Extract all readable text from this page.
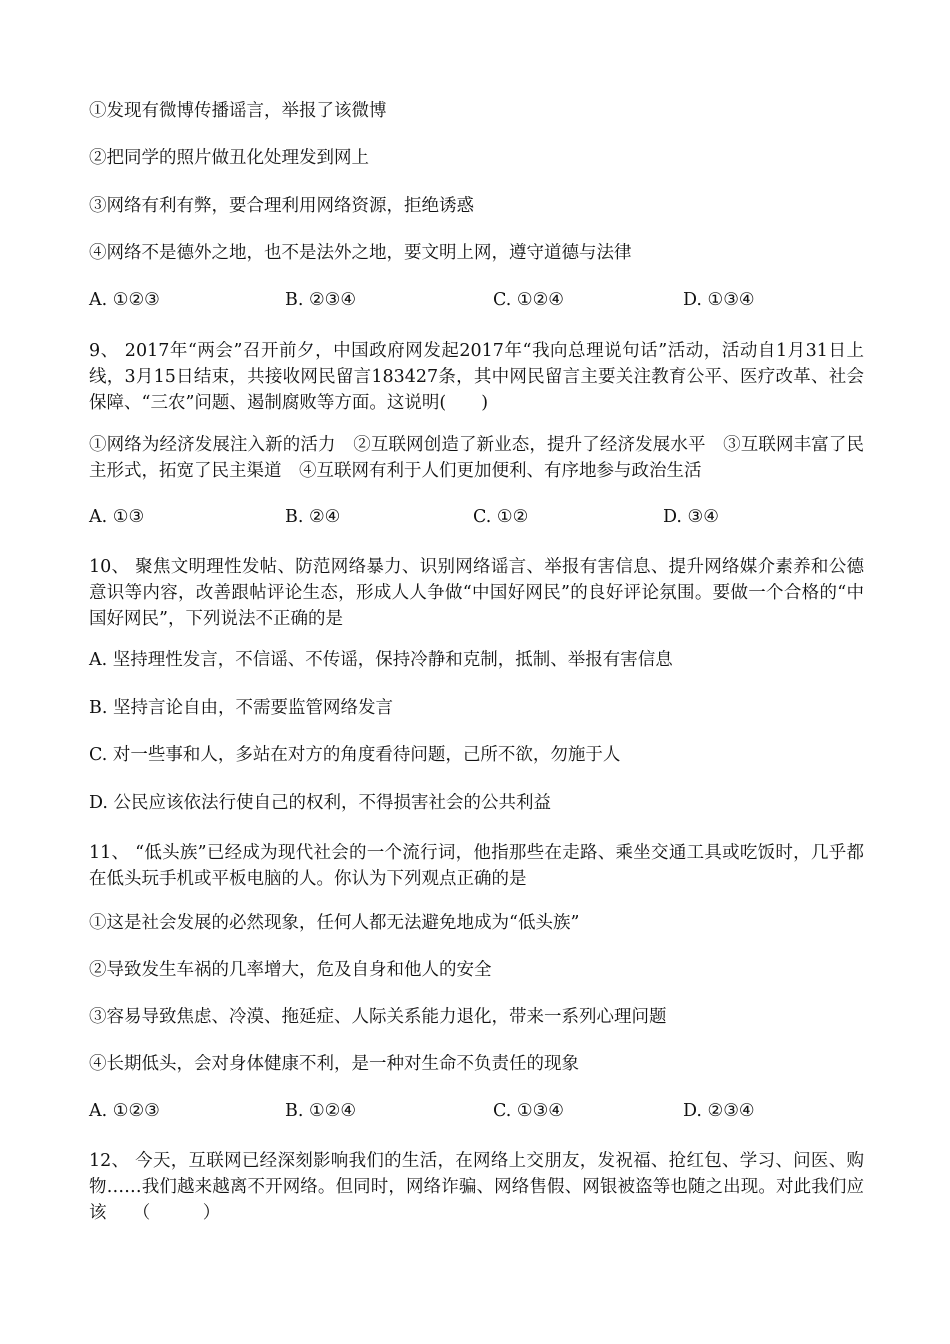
①发现有微博传播谣言，举报了该微博
②把同学的照片做丑化处理发到网上
③网络有利有弊，要合理利用网络资源，拒绝诱惑
④网络不是德外之地，也不是法外之地，要文明上网，遵守道德与法律
A. ①②③	B. ②③④	C. ①②④	D. ①③④
9、 2017年“两会”召开前夕，中国政府网发起2017年“我向总理说句话”活动，活动自1月31日上线，3月15日结束，共接收网民留言183427条，其中网民留言主要关注教育公平、医疗改革、社会保障、“三农”问题、遏制腐败等方面。这说明(　　)
①网络为经济发展注入新的活力　②互联网创造了新业态，提升了经济发展水平　③互联网丰富了民主形式，拓宽了民主渠道　④互联网有利于人们更加便利、有序地参与政治生活
A. ①③	B. ②④	C. ①②	D. ③④
10、 聚焦文明理性发帖、防范网络暴力、识别网络谣言、举报有害信息、提升网络媒介素养和公德意识等内容，改善跟帖评论生态，形成人人争做“中国好网民”的良好评论氛围。要做一个合格的“中国好网民”，下列说法不正确的是
A. 坚持理性发言，不信谣、不传谣，保持冷静和克制，抵制、举报有害信息
B. 坚持言论自由，不需要监管网络发言
C. 对一些事和人，多站在对方的角度看待问题，己所不欲，勿施于人
D. 公民应该依法行使自己的权利，不得损害社会的公共利益
11、 “低头族”已经成为现代社会的一个流行词，他指那些在走路、乘坐交通工具或吃饭时，几乎都在低头玩手机或平板电脑的人。你认为下列观点正确的是
①这是社会发展的必然现象，任何人都无法避免地成为“低头族”
②导致发生车祸的几率增大，危及自身和他人的安全
③容易导致焦虑、冷漠、拖延症、人际关系能力退化，带来一系列心理问题
④长期低头，会对身体健康不利，是一种对生命不负责任的现象
A. ①②③	B. ①②④	C. ①③④	D. ②③④
12、 今天，互联网已经深刻影响我们的生活，在网络上交朋友，发祝福、抢红包、学习、问医、购物……我们越来越离不开网络。但同时，网络诈骗、网络售假、网银被盗等也随之出现。对此我们应该　　（　　　）
